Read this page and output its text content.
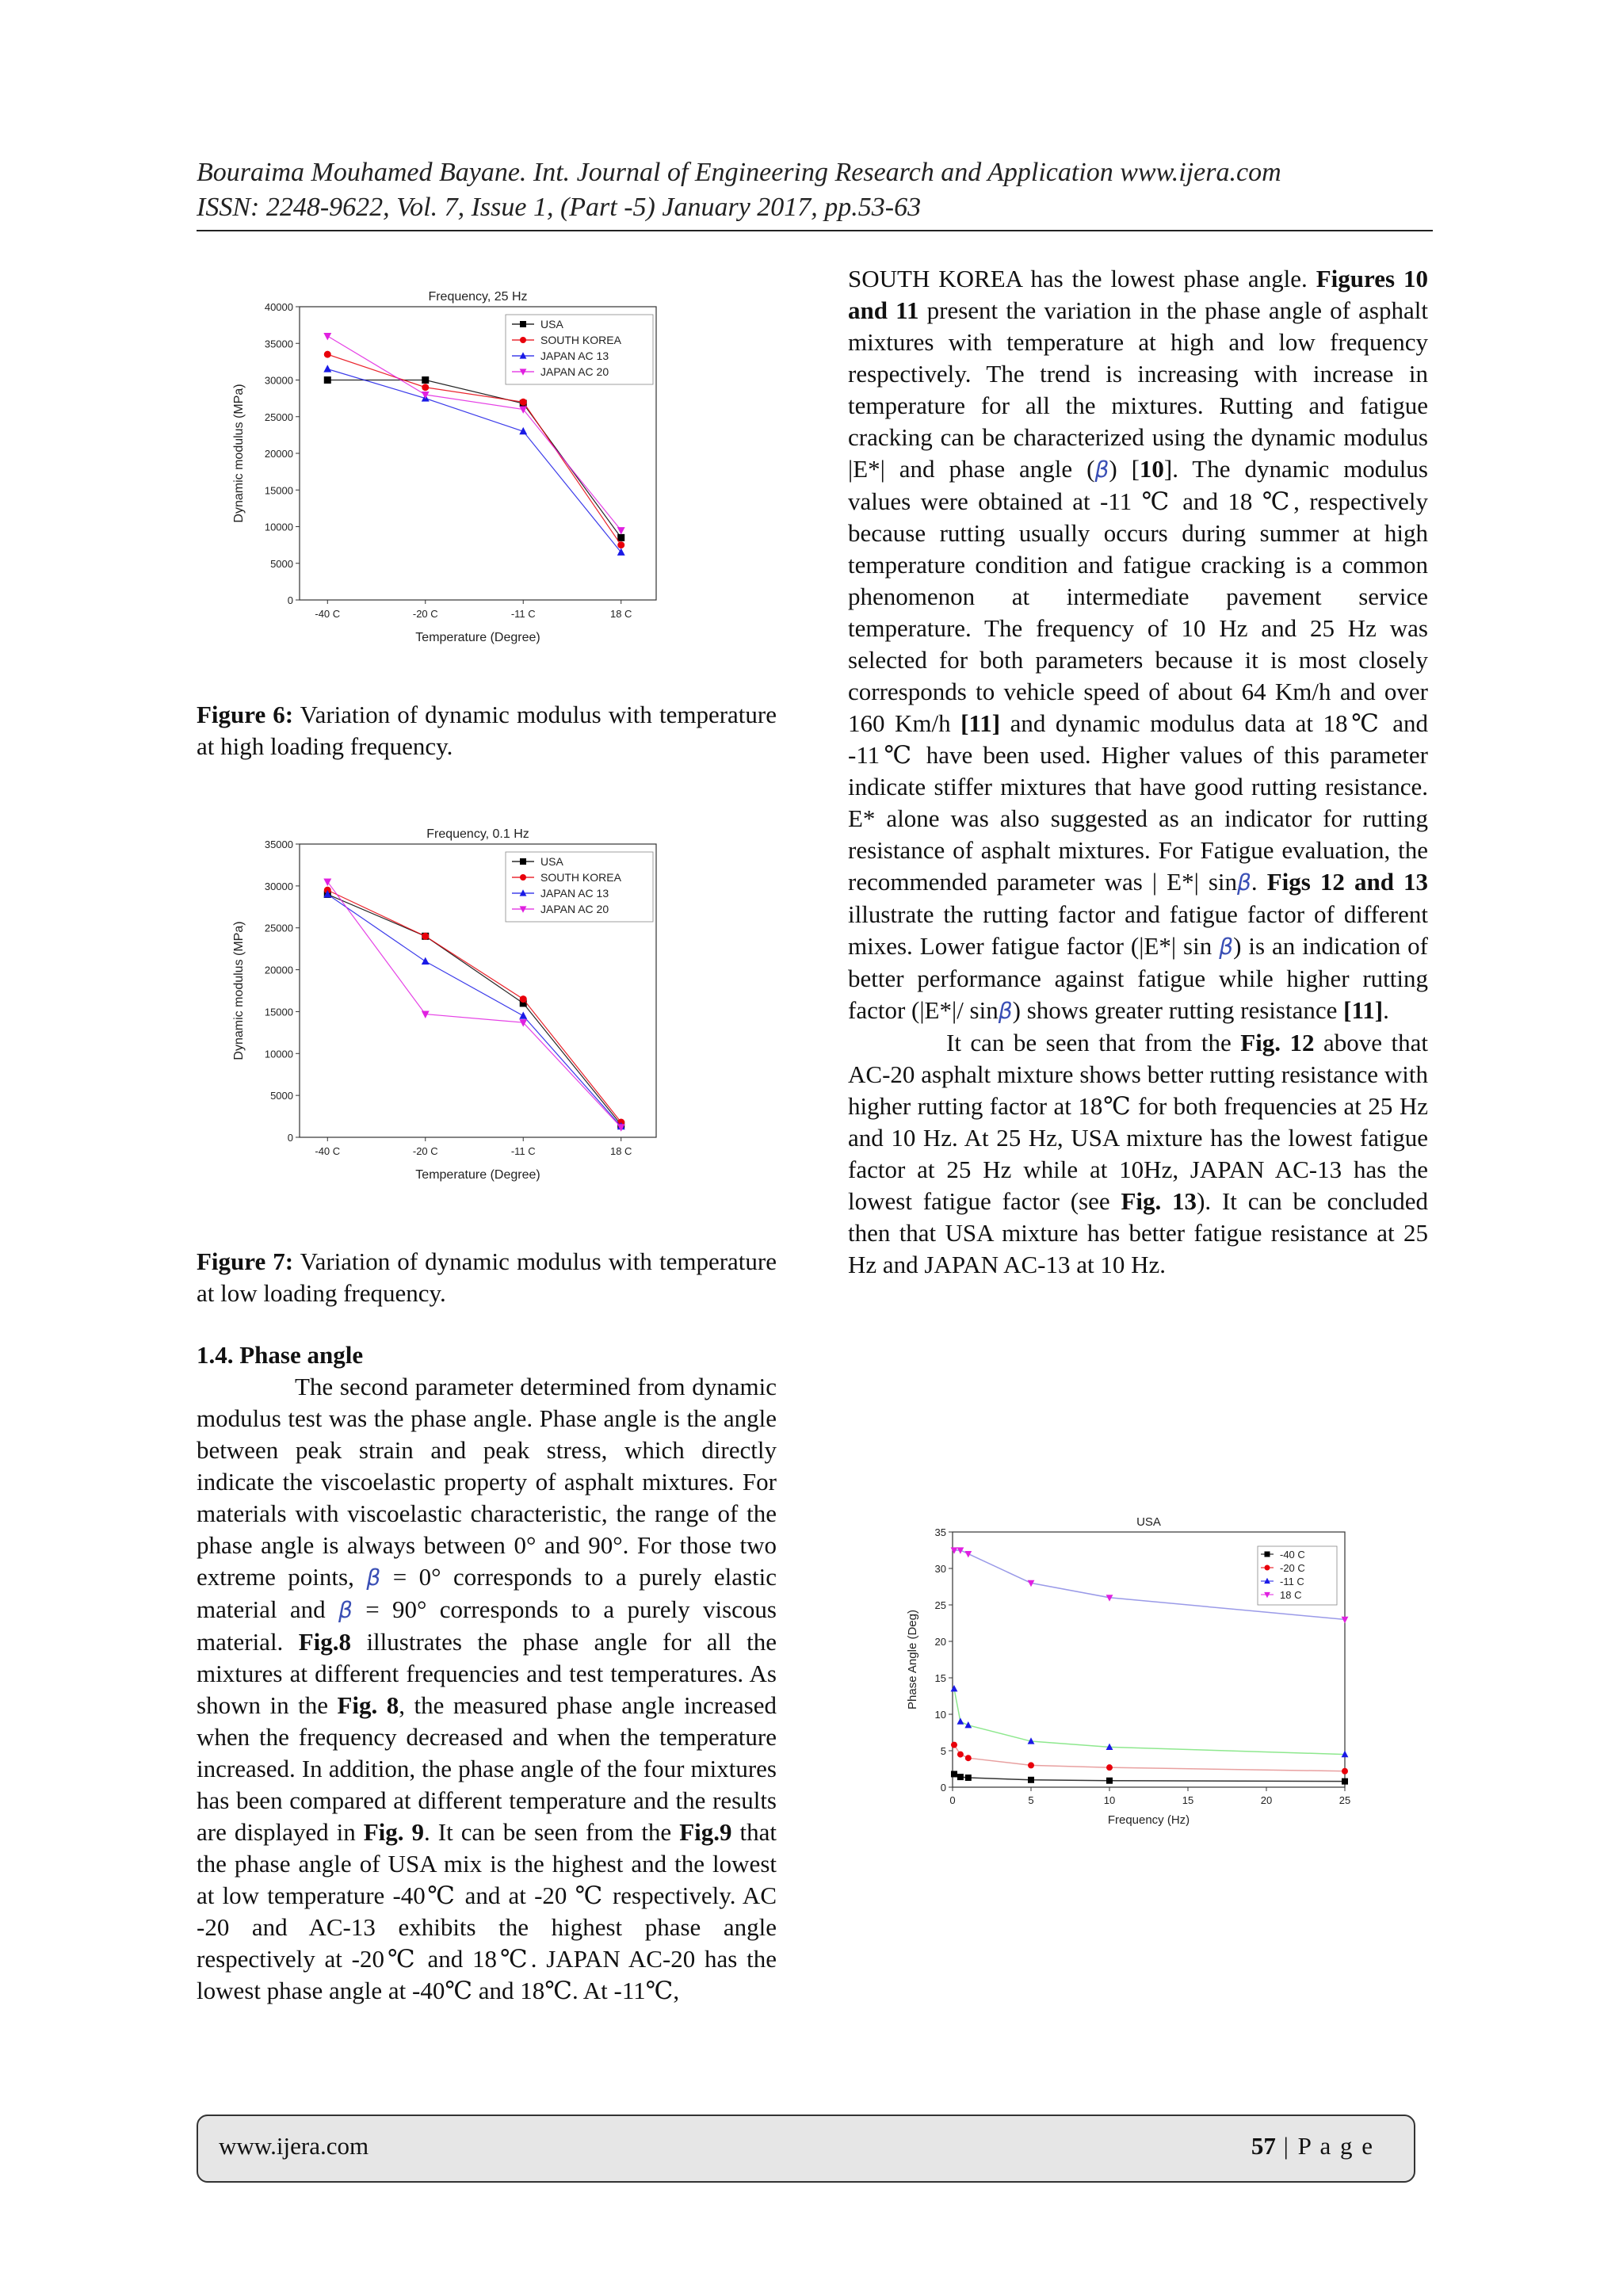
Bouraima Mouhamed Bayane. Int. Journal of Engineering Research and Application www.ijera.com
ISSN: 2248-9622, Vol. 7, Issue 1, (Part -5) January 2017, pp.53-63
Frequency, 25 Hz
0
5000
10000
15000
20000
25000
30000
35000
40000
-40 C	-20 C	-11 C	18 C
Temperature (Degree)
Dynamic modulus (MPa)
USA
SOUTH KOREA
JAPAN AC 13
JAPAN AC 20
Figure 6: Variation of dynamic modulus with temperature at high loading frequency.
Frequency, 0.1 Hz
0
5000
10000
15000
20000
25000
30000
35000
-40 C	-20 C	-11 C	18 C
Temperature (Degree)
Dynamic modulus (MPa)
USA
SOUTH KOREA
JAPAN AC 13
JAPAN AC 20
Figure 7: Variation of dynamic modulus with temperature at low loading frequency.

1.4. Phase angle

The second parameter determined from dynamic modulus test was the phase angle. Phase angle is the angle between peak strain and peak stress, which directly indicate the viscoelastic property of asphalt mixtures. For materials with viscoelastic characteristic, the range of the phase angle is always between 0° and 90°. For those two extreme points, β = 0° corresponds to a purely elastic material and β = 90° corresponds to a purely viscous material. Fig.8 illustrates the phase angle for all the mixtures at different frequencies and test temperatures. As shown in the Fig. 8, the measured phase angle increased when the frequency decreased and when the temperature increased. In addition, the phase angle of the four mixtures has been compared at different temperature and the results are displayed in Fig. 9. It can be seen from the Fig.9 that the phase angle of USA mix is the highest and the lowest at low temperature -40℃ and at -20 ℃ respectively. AC -20 and AC-13 exhibits the highest phase angle respectively at -20℃ and 18℃. JAPAN AC-20 has the lowest phase angle at -40℃ and 18℃. At -11℃,

SOUTH KOREA has the lowest phase angle. Figures 10 and 11 present the variation in the phase angle of asphalt mixtures with temperature at high and low frequency respectively. The trend is increasing with increase in temperature for all the mixtures. Rutting and fatigue cracking can be characterized using the dynamic modulus |E*| and phase angle (β) [10]. The dynamic modulus values were obtained at -11 ℃ and 18 ℃, respectively because rutting usually occurs during summer at high temperature condition and fatigue cracking is a common phenomenon at intermediate pavement service temperature. The frequency of 10 Hz and 25 Hz was selected for both parameters because it is most closely corresponds to vehicle speed of about 64 Km/h and over 160 Km/h [11] and dynamic modulus data at 18℃ and -11℃ have been used. Higher values of this parameter indicate stiffer mixtures that have good rutting resistance. E* alone was also suggested as an indicator for rutting resistance of asphalt mixtures. For Fatigue evaluation, the recommended parameter was | E*| sinβ. Figs 12 and 13 illustrate the rutting factor and fatigue factor of different mixes. Lower fatigue factor (|E*| sin β) is an indication of better performance against fatigue while higher rutting factor (|E*|/ sinβ) shows greater rutting resistance [11].

It can be seen that from the Fig. 12 above that AC-20 asphalt mixture shows better rutting resistance with higher rutting factor at 18℃ for both frequencies at 25 Hz and 10 Hz. At 25 Hz, USA mixture has the lowest fatigue factor at 25 Hz while at 10Hz, JAPAN AC-13 has the lowest fatigue factor (see Fig. 13). It can be concluded then that USA mixture has better fatigue resistance at 25 Hz and JAPAN AC-13 at 10 Hz.

USA
0
5
10
15
20
25
30
35
0	5	10	15	20	25
Frequency (Hz)
Phase Angle (Deg)
-40 C
-20 C
-11 C
18 C
www.ijera.com	57 | P a g e
